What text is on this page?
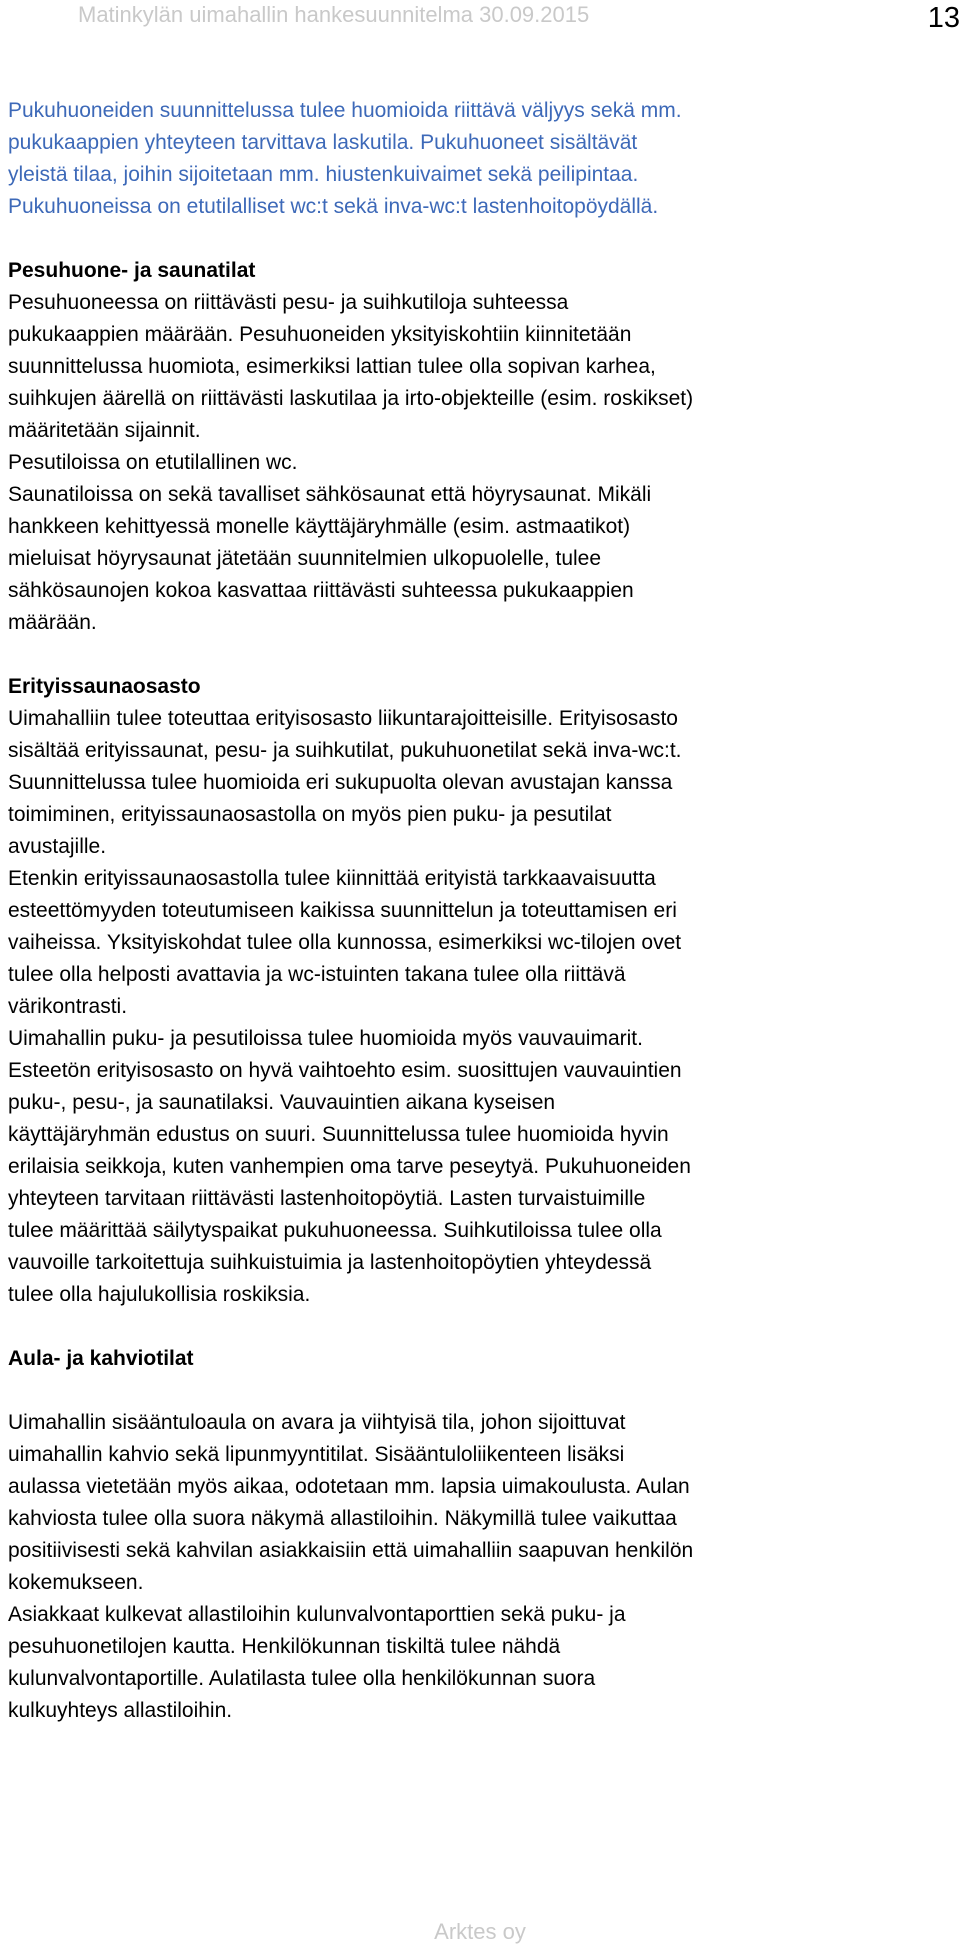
Matinkylän uimahallin hankesuunnitelma 30.09.2015	13
Pukuhuoneiden suunnittelussa tulee huomioida riittävä väljyys sekä mm.
pukukaappien yhteyteen tarvittava laskutila. Pukuhuoneet sisältävät
yleistä tilaa, joihin sijoitetaan mm. hiustenkuivaimet sekä peilipintaa.
Pukuhuoneissa on etutilalliset wc:t sekä inva-wc:t lastenhoitopöydällä.
Pesuhuone- ja saunatilat
Pesuhuoneessa on riittävästi pesu- ja suihkutiloja suhteessa
pukukaappien määrään. Pesuhuoneiden yksityiskohtiin kiinnitetään
suunnittelussa huomiota, esimerkiksi lattian tulee olla sopivan karhea,
suihkujen äärellä on riittävästi laskutilaa ja irto-objekteille (esim. roskikset)
määritetään sijainnit.
Pesutiloissa on etutilallinen wc.
Saunatiloissa on sekä tavalliset sähkösaunat että höyrysaunat. Mikäli
hankkeen kehittyessä monelle käyttäjäryhmälle (esim. astmaatikot)
mieluisat höyrysaunat jätetään suunnitelmien ulkopuolelle, tulee
sähkösaunojen kokoa kasvattaa riittävästi suhteessa pukukaappien
määrään.
Erityissaunaosasto
Uimahalliin tulee toteuttaa erityisosasto liikuntarajoitteisille. Erityisosasto
sisältää erityissaunat, pesu- ja suihkutilat, pukuhuonetilat sekä inva-wc:t.
Suunnittelussa tulee huomioida eri sukupuolta olevan avustajan kanssa
toimiminen, erityissaunaosastolla on myös pien puku- ja pesutilat
avustajille.
Etenkin erityissaunaosastolla tulee kiinnittää erityistä tarkkaavaisuutta
esteettömyyden toteutumiseen kaikissa suunnittelun ja toteuttamisen eri
vaiheissa. Yksityiskohdat tulee olla kunnossa, esimerkiksi wc-tilojen ovet
tulee olla helposti avattavia ja wc-istuinten takana tulee olla riittävä
värikontrasti.
Uimahallin puku- ja pesutiloissa tulee huomioida myös vauvauimarit.
Esteetön erityisosasto on hyvä vaihtoehto esim. suosittujen vauvauintien
puku-, pesu-, ja saunatilaksi. Vauvauintien aikana kyseisen
käyttäjäryhmän edustus on suuri. Suunnittelussa tulee huomioida hyvin
erilaisia seikkoja, kuten vanhempien oma tarve peseytyä. Pukuhuoneiden
yhteyteen tarvitaan riittävästi lastenhoitopöytiä. Lasten turvaistuimille
tulee määrittää säilytyspaikat pukuhuoneessa. Suihkutiloissa tulee olla
vauvoille tarkoitettuja suihkuistuimia ja lastenhoitopöytien yhteydessä
tulee olla hajulukollisia roskiksia.
Aula- ja kahviotilat
Uimahallin sisääntuloaula on avara ja viihtyisä tila, johon sijoittuvat
uimahallin kahvio sekä lipunmyyntitilat. Sisääntuloliikenteen lisäksi
aulassa vietetään myös aikaa, odotetaan mm. lapsia uimakoulusta. Aulan
kahviosta tulee olla suora näkymä allastiloihin. Näkymillä tulee vaikuttaa
positiivisesti sekä kahvilan asiakkaisiin että uimahalliin saapuvan henkilön
kokemukseen.
Asiakkaat kulkevat allastiloihin kulunvalvontaporttien sekä puku- ja
pesuhuonetilojen kautta. Henkilökunnan tiskiltä tulee nähdä
kulunvalvontaportille. Aulatilasta tulee olla henkilökunnan suora
kulkuyhteys allastiloihin.
Arktes oy
